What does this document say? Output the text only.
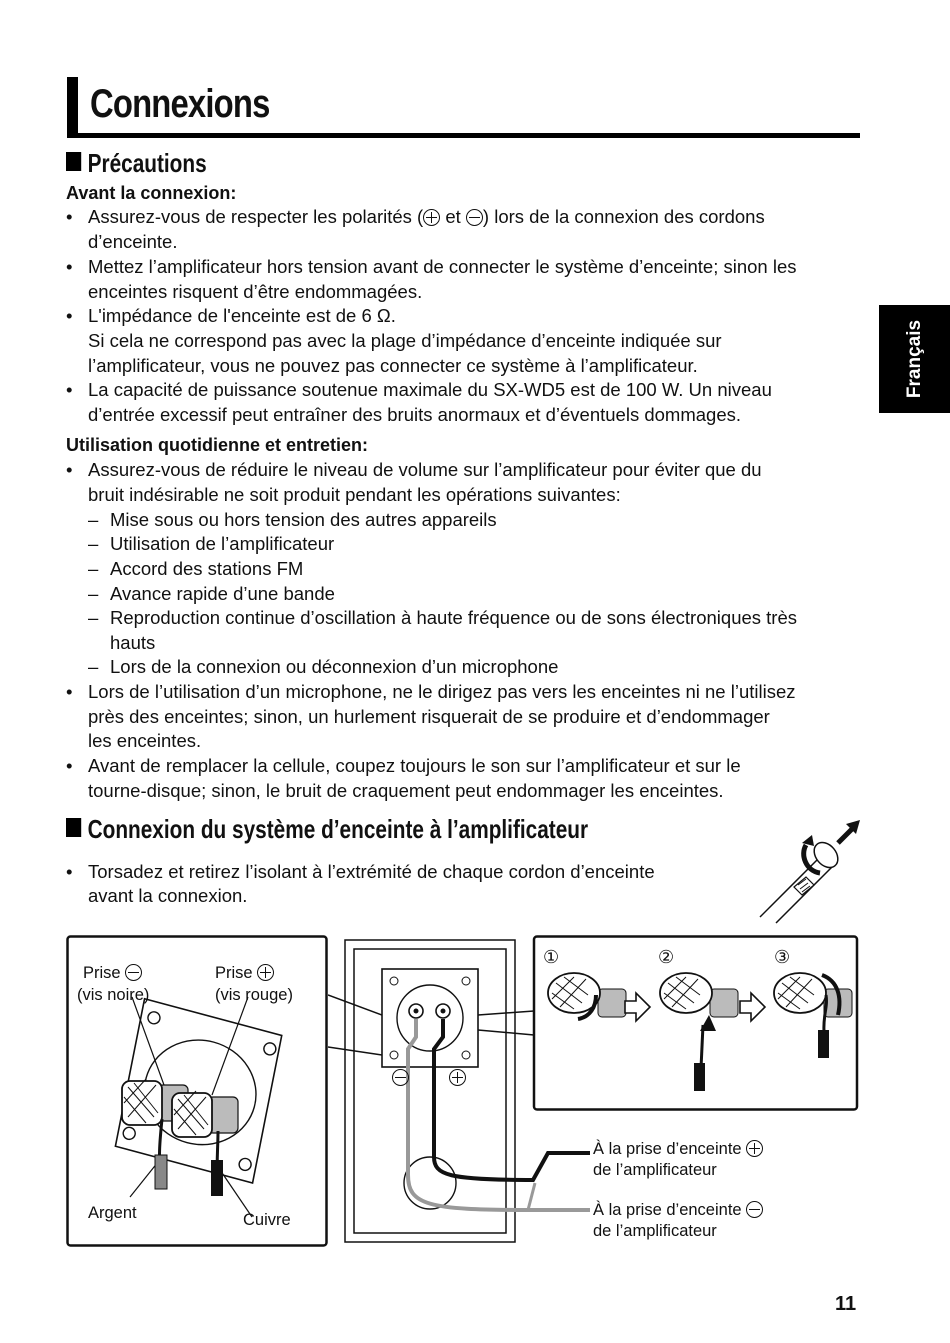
Connexions
Français
Précautions
Avant la connexion:
• Assurez-vous de respecter les polarités ( et ) lors de la connexion des cordons
d’enceinte.
• Mettez l’amplificateur hors tension avant de connecter le système d’enceinte; sinon les
enceintes risquent d’être endommagées.
• L'impédance de l'enceinte est de 6 Ω.
Si cela ne correspond pas avec la plage d’impédance d’enceinte indiquée sur
l’amplificateur, vous ne pouvez pas connecter ce système à l’amplificateur.
• La capacité de puissance soutenue maximale du SX-WD5 est de 100 W. Un niveau
d’entrée excessif peut entraîner des bruits anormaux et d’éventuels dommages.
Utilisation quotidienne et entretien:
• Assurez-vous de réduire le niveau de volume sur l’amplificateur pour éviter que du
bruit indésirable ne soit produit pendant les opérations suivantes:
– Mise sous ou hors tension des autres appareils
– Utilisation de l’amplificateur
– Accord des stations FM
– Avance rapide d’une bande
– Reproduction continue d’oscillation à haute fréquence ou de sons électroniques très
hauts
– Lors de la connexion ou déconnexion d’un microphone
• Lors de l’utilisation d’un microphone, ne le dirigez pas vers les enceintes ni ne l’utilisez
près des enceintes; sinon, un hurlement risquerait de se produire et d’endommager
les enceintes.
• Avant de remplacer la cellule, coupez toujours le son sur l’amplificateur et sur le
tourne-disque; sinon, le bruit de craquement peut endommager les enceintes.
Connexion du système d’enceinte à l’amplificateur
• Torsadez et retirez l’isolant à l’extrémité de chaque cordon d’enceinte
avant la connexion.
Prise
(vis noire)
Prise
(vis rouge)
Argent	Cuivre
①	②	③
À la prise d’enceinte
de l’amplificateur
À la prise d’enceinte
de l’amplificateur
11
